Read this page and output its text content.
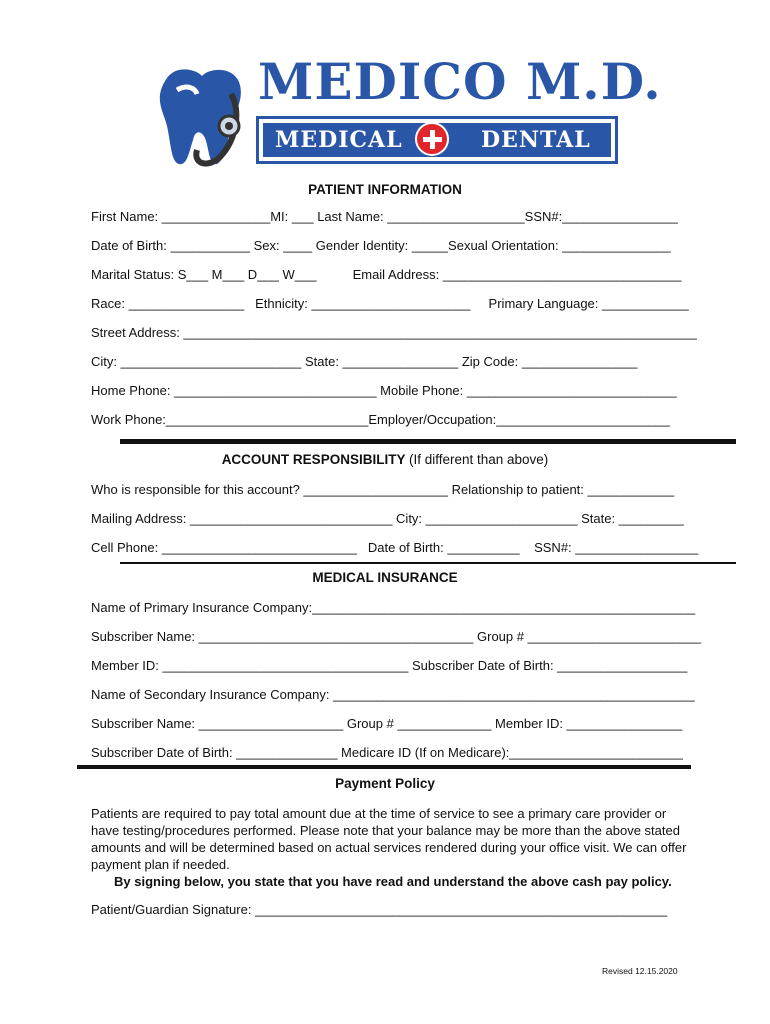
MEDICO M.D.
MEDICAL	DENTAL
PATIENT INFORMATION
First Name: _______________MI: ___ Last Name: ___________________SSN#:________________
Date of Birth: ___________ Sex: ____ Gender Identity: _____Sexual Orientation: _______________
Marital Status: S___ M___ D___ W___          Email Address: _________________________________
Race: ________________   Ethnicity: ______________________     Primary Language: ____________
Street Address: _______________________________________________________________________
City: _________________________ State: ________________ Zip Code: ________________
Home Phone: ____________________________ Mobile Phone: _____________________________
Work Phone:____________________________Employer/Occupation:________________________
ACCOUNT RESPONSIBILITY (If different than above)
Who is responsible for this account? ____________________ Relationship to patient: ____________
Mailing Address: ____________________________ City: _____________________ State: _________
Cell Phone: ___________________________   Date of Birth: __________    SSN#: _________________
MEDICAL INSURANCE
Name of Primary Insurance Company:_____________________________________________________
Subscriber Name: ______________________________________ Group # ________________________
Member ID: __________________________________ Subscriber Date of Birth: __________________
Name of Secondary Insurance Company: __________________________________________________
Subscriber Name: ____________________ Group # _____________ Member ID: ________________
Subscriber Date of Birth: ______________ Medicare ID (If on Medicare):________________________
Payment Policy

Patients are required to pay total amount due at the time of service to see a primary care provider or

have testing/procedures performed. Please note that your balance may be more than the above stated

amounts and will be determined based on actual services rendered during your office visit. We can offer

payment plan if needed.

By signing below, you state that you have read and understand the above cash pay policy.
Patient/Guardian Signature: _________________________________________________________
Revised 12.15.2020
